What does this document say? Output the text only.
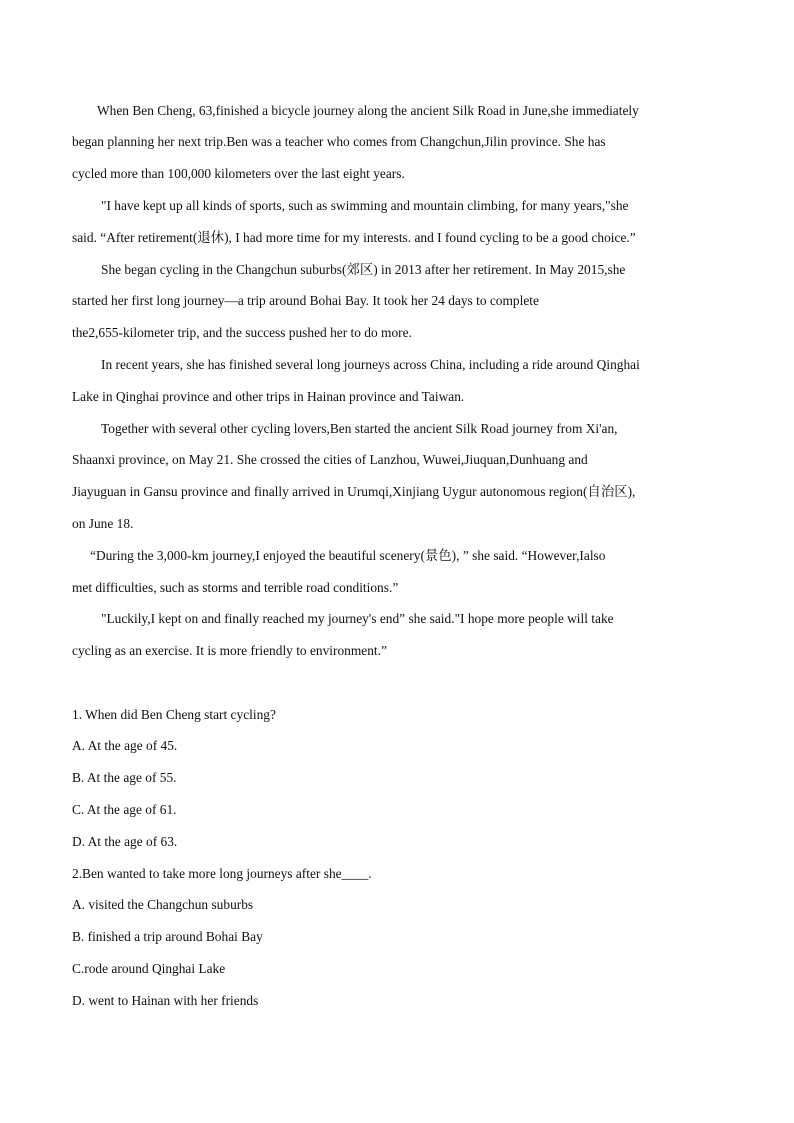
When Ben Cheng, 63,finished a bicycle journey along the ancient Silk Road in June,she immediately
began planning her next trip.Ben was a teacher who comes from Changchun,Jilin province. She has
cycled more than 100,000 kilometers over the last eight years.
"I have kept up all kinds of sports, such as swimming and mountain climbing, for many years,"she
said. “After retirement(退休), I had more time for my interests. and I found cycling to be a good choice.”
She began cycling in the Changchun suburbs(郊区) in 2013 after her retirement. In May 2015,she
started her first long journey—a trip around Bohai Bay. It took her 24 days to complete
the2,655-kilometer trip, and the success pushed her to do more.
In recent years, she has finished several long journeys across China, including a ride around Qinghai
Lake in Qinghai province and other trips in Hainan province and Taiwan.
Together with several other cycling lovers,Ben started the ancient Silk Road journey from Xi'an,
Shaanxi province, on May 21. She crossed the cities of Lanzhou, Wuwei,Jiuquan,Dunhuang and
Jiayuguan in Gansu province and finally arrived in Urumqi,Xinjiang Uygur autonomous region(自治区),
on June 18.
“During the 3,000-km journey,I enjoyed the beautiful scenery(景色), ” she said. “However,Ialso
met difficulties, such as storms and terrible road conditions.”
"Luckily,I kept on and finally reached my journey's end” she said."I hope more people will take
cycling as an exercise. It is more friendly to environment.”
1. When did Ben Cheng start cycling?
A. At the age of 45.
B. At the age of 55.
C. At the age of 61.
D. At the age of 63.
2.Ben wanted to take more long journeys after she____.
A. visited the Changchun suburbs
B. finished a trip around Bohai Bay
C.rode around Qinghai Lake
D. went to Hainan with her friends
